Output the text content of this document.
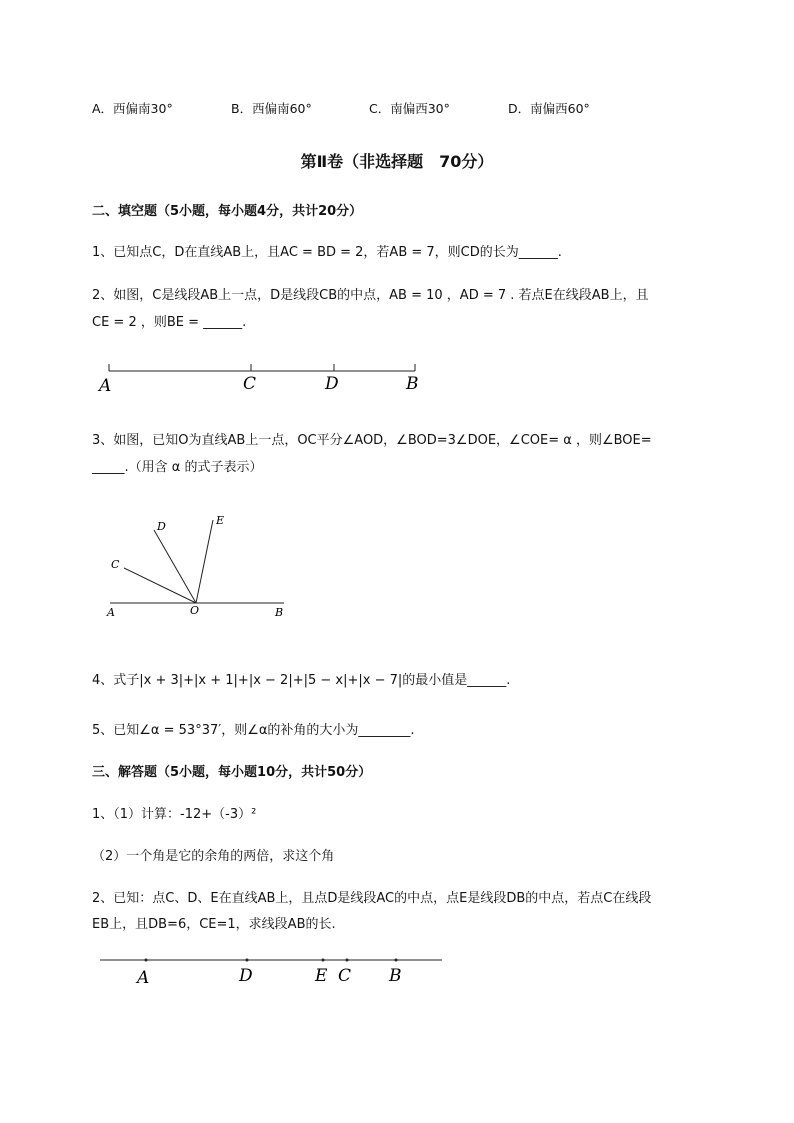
A．西偏南30°	B．西偏南60°	C．南偏西30°	D．南偏西60°
第Ⅱ卷（非选择题　70分）
二、填空题（5小题，每小题4分，共计20分）
1、已知点C，D在直线AB上，且AC = BD = 2，若AB = 7，则CD的长为______.
2、如图，C是线段AB上一点，D是线段CB的中点，AB = 10 ，AD = 7 . 若点E在线段AB上，且
CE = 2 ，则BE = ______.
A	C	D	B
3、如图，已知O为直线AB上一点，OC平分∠AOD，∠BOD=3∠DOE，∠COE= α ，则∠BOE=
_____.（用含 α 的式子表示）
D	E
C
A	O	B
4、式子|x + 3|+|x + 1|+|x − 2|+|5 − x|+|x − 7|的最小值是______.
5、已知∠α = 53°37′，则∠α的补角的大小为________.
三、解答题（5小题，每小题10分，共计50分）
1、（1）计算：-12+（-3）²
（2）一个角是它的余角的两倍，求这个角
2、已知：点C、D、E在直线AB上，且点D是线段AC的中点，点E是线段DB的中点，若点C在线段
EB上，且DB=6，CE=1，求线段AB的长.
A	D	E C B
